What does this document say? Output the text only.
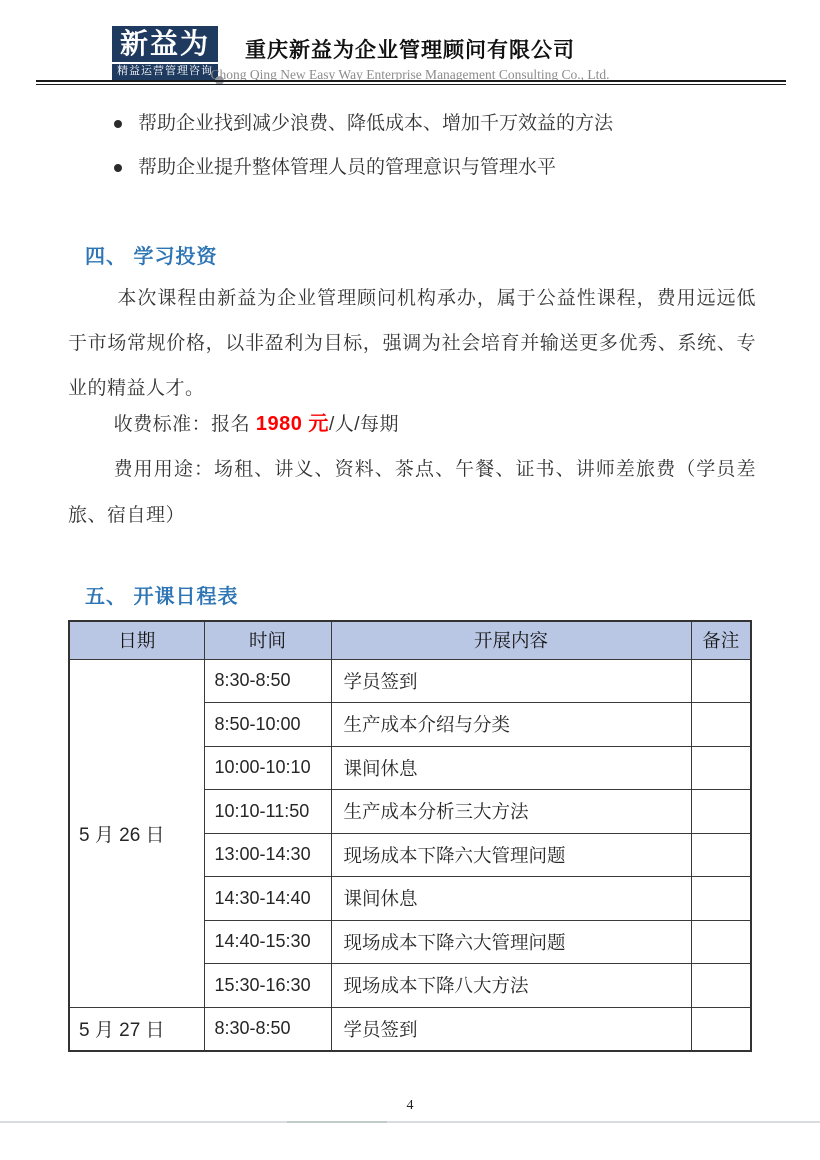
新益为
精益运营管理咨询
重庆新益为企业管理顾问有限公司
Chong Qing New Easy Way Enterprise Management Consulting Co., Ltd.
帮助企业找到减少浪费、降低成本、增加千万效益的方法
帮助企业提升整体管理人员的管理意识与管理水平
四、 学习投资

本次课程由新益为企业管理顾问机构承办，属于公益性课程，费用远远低于市场常规价格，以非盈利为目标，强调为社会培育并输送更多优秀、系统、专业的精益人才。

收费标准：报名 1980 元/人/每期

费用用途：场租、讲义、资料、茶点、午餐、证书、讲师差旅费（学员差旅、宿自理）

五、 开课日程表
日期	时间	开展内容	备注
5 月 26 日	8:30-8:50	学员签到	
	8:50-10:00	生产成本介绍与分类	
	10:00-10:10	课间休息	
	10:10-11:50	生产成本分析三大方法	
	13:00-14:30	现场成本下降六大管理问题	
	14:30-14:40	课间休息	
	14:40-15:30	现场成本下降六大管理问题	
	15:30-16:30	现场成本下降八大方法	
5 月 27 日	8:30-8:50	学员签到	
4
